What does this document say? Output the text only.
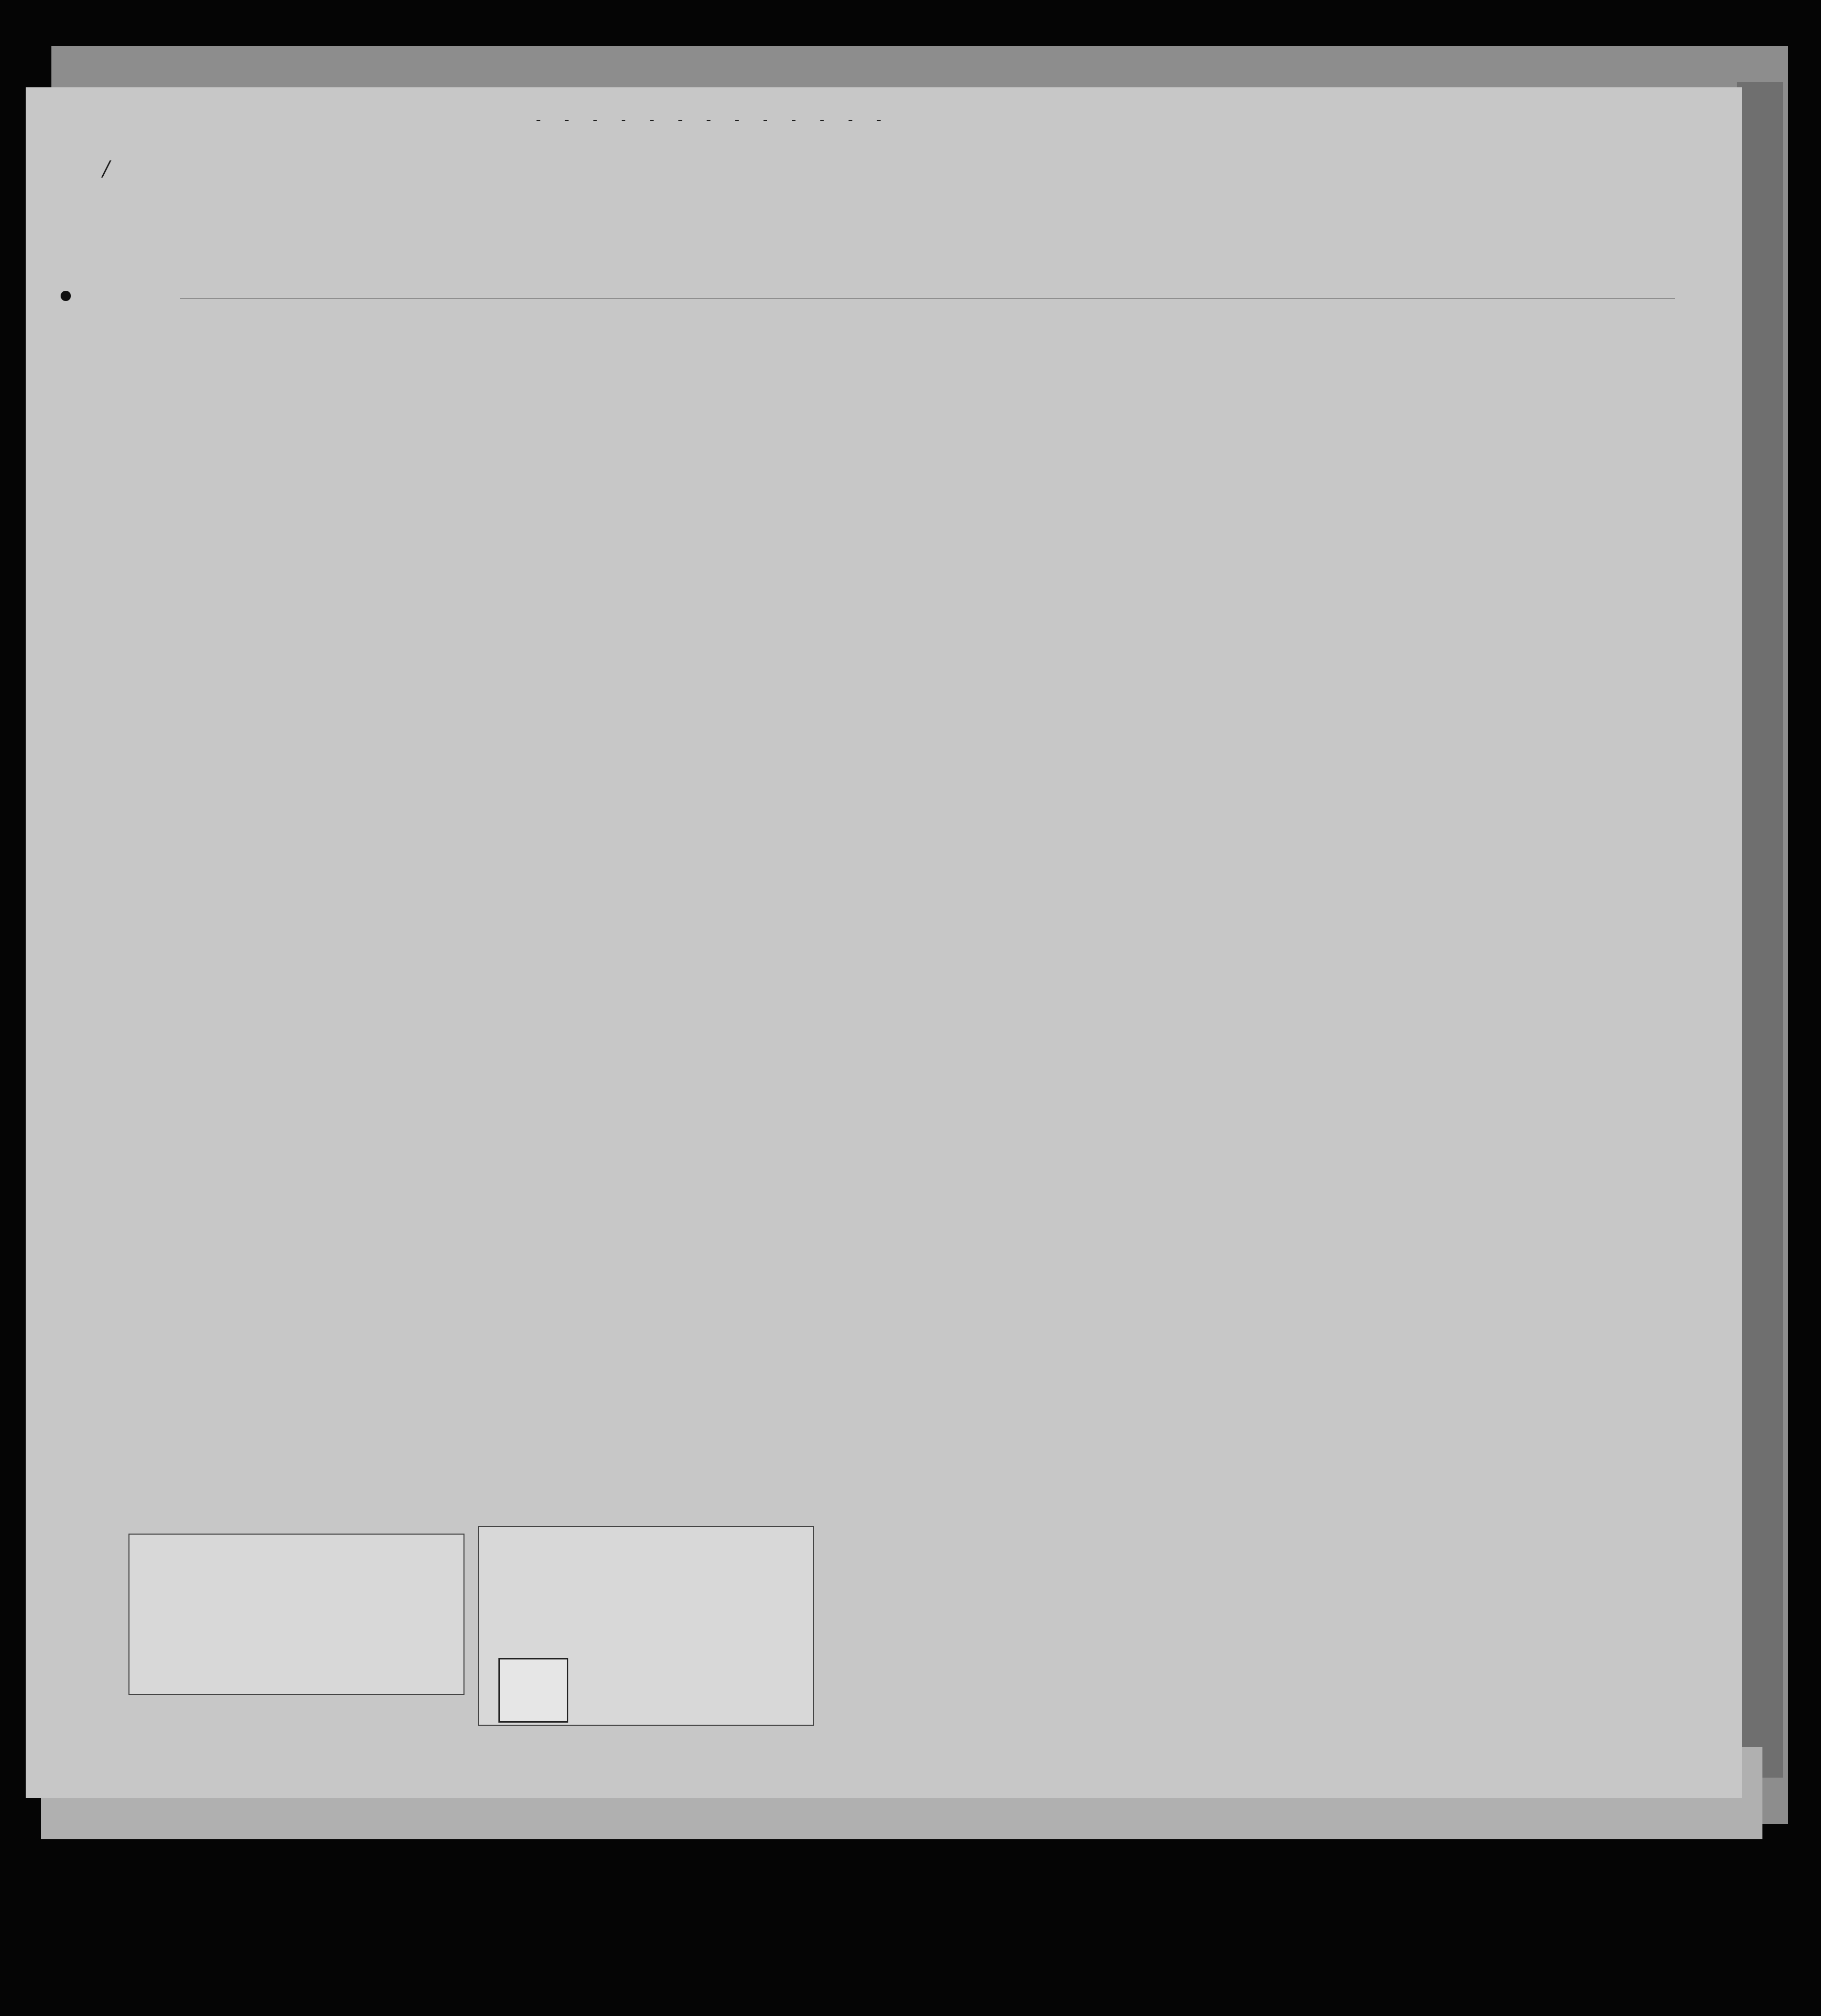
- - - - - - - - - - - - -
/
